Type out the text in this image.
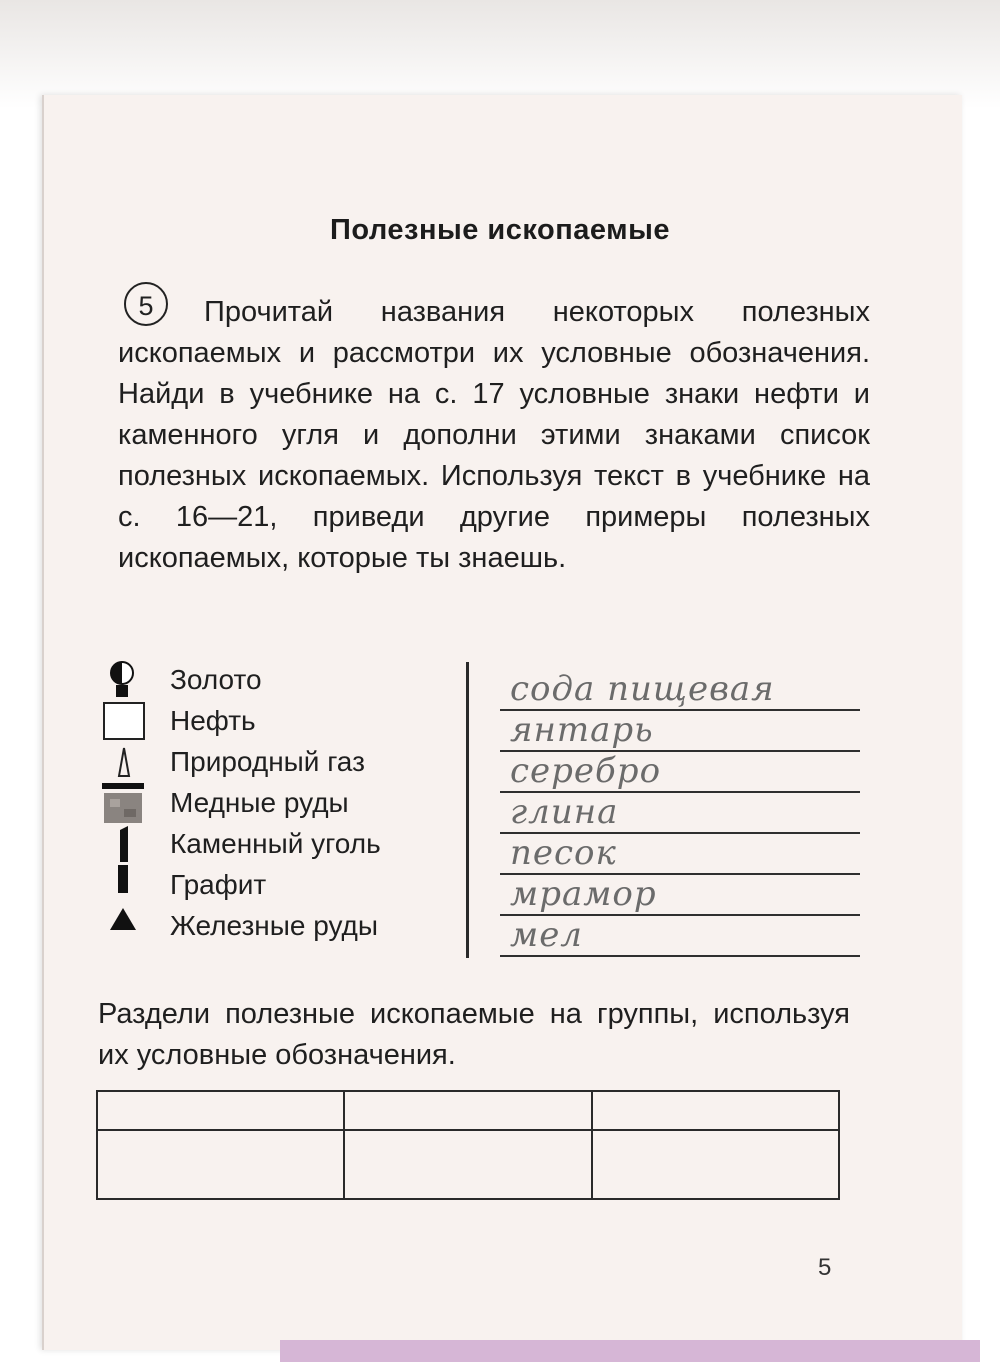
Полезные ископаемые
5	Прочитай названия некоторых полезных ископаемых и рассмотри их условные обозначения. Найди в учебнике на с. 17 условные знаки нефти и каменного угля и дополни этими знаками список полезных ископаемых. Используя текст в учебнике на с. 16—21, приведи другие примеры полезных ископаемых, которые ты знаешь.
Золото
Нефть
Природный газ
Медные руды
Каменный уголь
Графит
Железные руды
сода пищевая
янтарь
серебро
глина
песок
мрамор
мел
Раздели полезные ископаемые на группы, используя их условные обозначения.

5
